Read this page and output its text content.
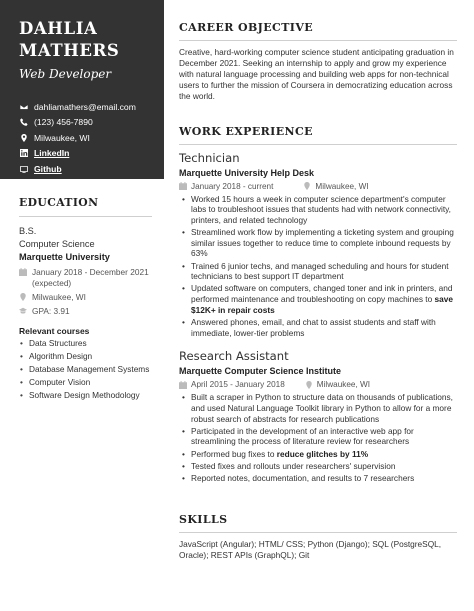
DAHLIA
MATHERS
Web Developer
dahliamathers@email.com
(123) 456-7890
Milwaukee, WI
LinkedIn
Github
EDUCATION
B.S.
Computer Science
Marquette University
January 2018 - December 2021 (expected)
Milwaukee, WI
GPA: 3.91
Relevant courses
• Data Structures
• Algorithm Design
• Database Management Systems
• Computer Vision
• Software Design Methodology
CAREER OBJECTIVE

Creative, hard-working computer science student anticipating graduation in December 2021. Seeking an internship to apply and grow my experience with natural language processing and building web apps for non-technical users to further the mission of Coursera in democratizing education across the world.

WORK EXPERIENCE
Technician
Marquette University Help Desk
January 2018 - current	Milwaukee, WI
• Worked 15 hours a week in computer science department's computer labs to troubleshoot issues that students had with network connectivity, printers, and related technology
• Streamlined work flow by implementing a ticketing system and grouping similar issues together to reduce time to complete inbound requests by 63%
• Trained 6 junior techs, and managed scheduling and hours for student technicians to best support IT department
• Updated software on computers, changed toner and ink in printers, and performed maintenance and troubleshooting on copy machines to save $12K+ in repair costs
• Answered phones, email, and chat to assist students and staff with immediate, lower-tier problems
Research Assistant
Marquette Computer Science Institute
April 2015 - January 2018	Milwaukee, WI
• Built a scraper in Python to structure data on thousands of publications, and used Natural Language Toolkit library in Python to allow for a more robust search of abstracts for research publications
• Participated in the development of an interactive web app for streamlining the process of literature review for researchers
• Performed bug fixes to reduce glitches by 11%
• Tested fixes and rollouts under researchers' supervision
• Reported notes, documentation, and results to 7 researchers
SKILLS

JavaScript (Angular); HTML/ CSS; Python (Django); SQL (PostgreSQL, Oracle); REST APIs (GraphQL); Git
